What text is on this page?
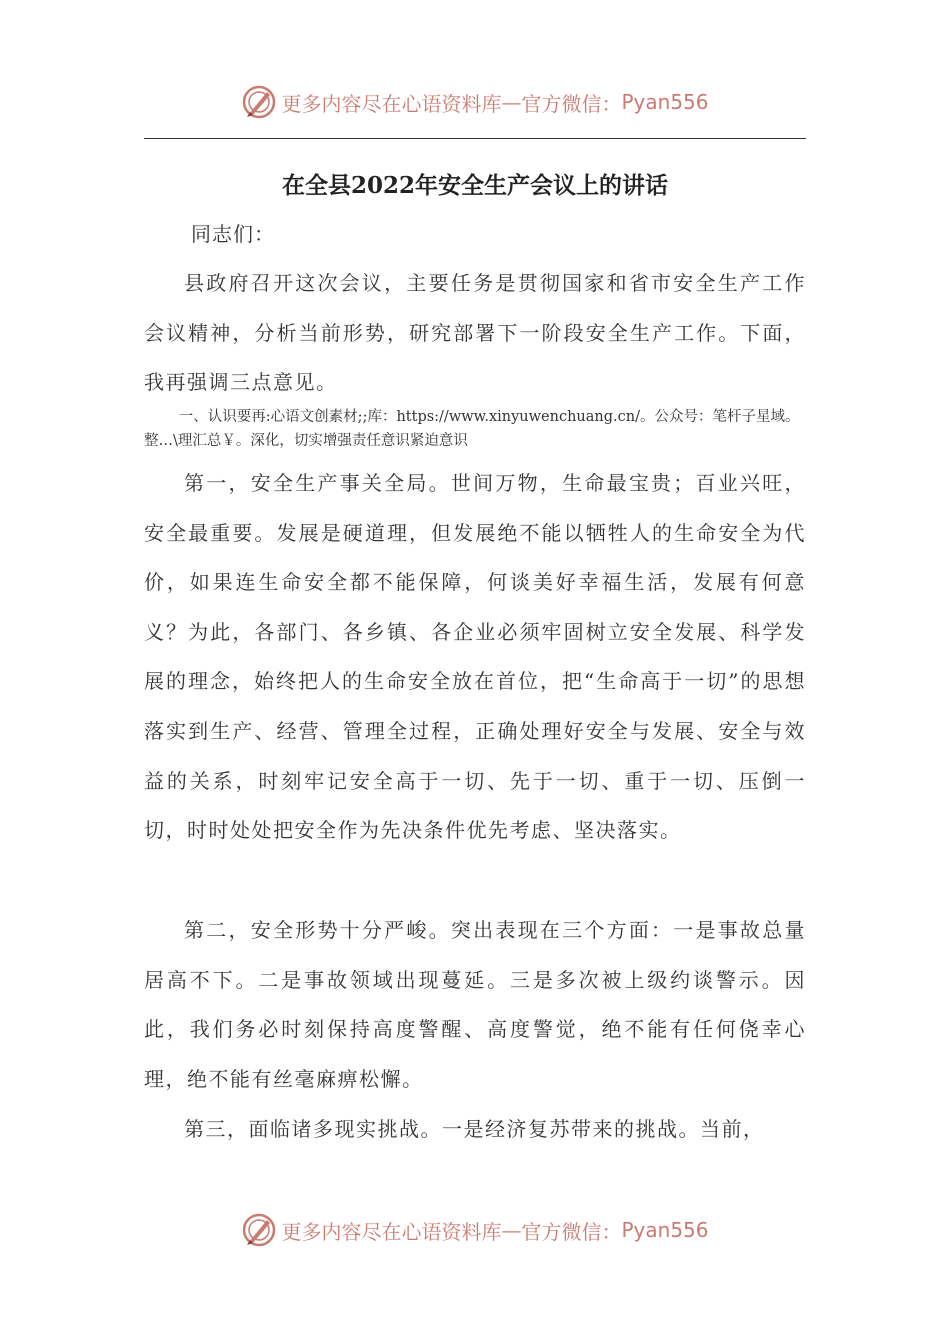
更多内容尽在心语资料库 — 官方微信： Pyan556
在全县2022年安全生产会议上的讲话
同志们：

县政府召开这次会议，主要任务是贯彻国家和省市安全生产工作会议精神，分析当前形势，研究部署下一阶段安全生产工作。下面，我再强调三点意见。

一、认识要再:心语文创素材;;库：https://www.xinyuwenchuang.cn/。公众号：笔杆子星域。整…\理汇总￥。深化，切实增强责任意识紧迫意识

第一，安全生产事关全局。世间万物，生命最宝贵；百业兴旺，安全最重要。发展是硬道理，但发展绝不能以牺牲人的生命安全为代价，如果连生命安全都不能保障，何谈美好幸福生活，发展有何意义？为此，各部门、各乡镇、各企业必须牢固树立安全发展、科学发展的理念，始终把人的生命安全放在首位，把“生命高于一切”的思想落实到生产、经营、管理全过程，正确处理好安全与发展、安全与效益的关系，时刻牢记安全高于一切、先于一切、重于一切、压倒一切，时时处处把安全作为先决条件优先考虑、坚决落实。

第二，安全形势十分严峻。突出表现在三个方面：一是事故总量居高不下。二是事故领域出现蔓延。三是多次被上级约谈警示。因此，我们务必时刻保持高度警醒、高度警觉，绝不能有任何侥幸心理，绝不能有丝毫麻痹松懈。

第三，面临诸多现实挑战。一是经济复苏带来的挑战。当前，

更多内容尽在心语资料库 — 官方微信： Pyan556
